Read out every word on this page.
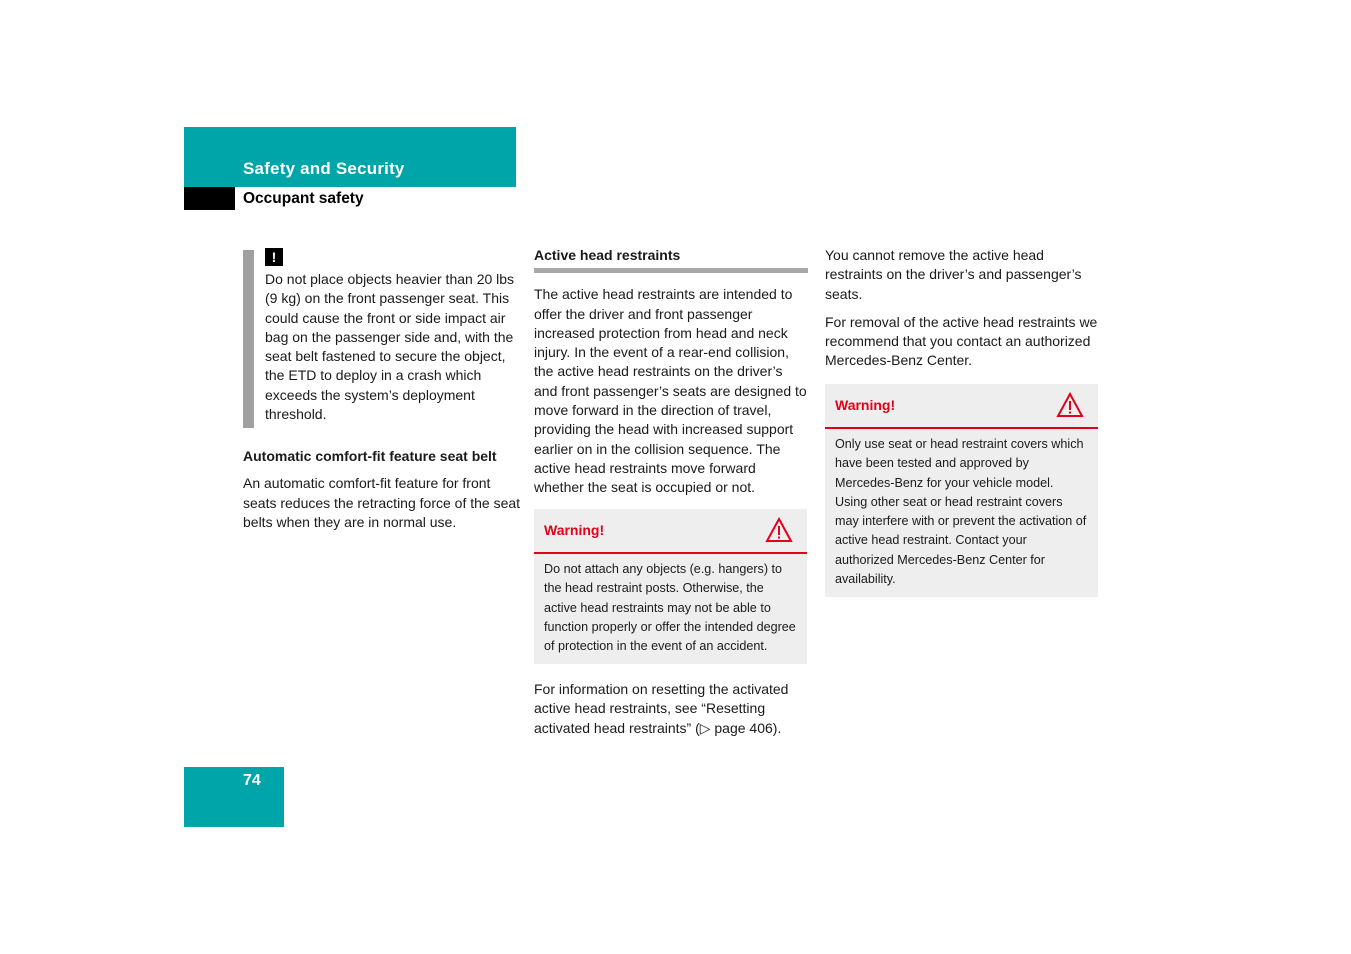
Safety and Security
Occupant safety
!
Do not place objects heavier than 20 lbs (9 kg) on the front passenger seat. This could cause the front or side impact air bag on the passenger side and, with the seat belt fastened to secure the object, the ETD to deploy in a crash which exceeds the system’s deployment threshold.
Automatic comfort-fit feature seat belt

An automatic comfort-fit feature for front seats reduces the retracting force of the seat belts when they are in normal use.

Active head restraints

The active head restraints are intended to offer the driver and front passenger increased protection from head and neck injury. In the event of a rear-end collision, the active head restraints on the driver’s and front passenger’s seats are designed to move forward in the direction of travel, providing the head with increased support earlier on in the collision sequence. The active head restraints move forward whether the seat is occupied or not.

Warning!
Do not attach any objects (e.g. hangers) to the head restraint posts. Otherwise, the active head restraints may not be able to function properly or offer the intended degree of protection in the event of an accident.

For information on resetting the activated active head restraints, see “Resetting activated head restraints” (▷ page 406).

You cannot remove the active head restraints on the driver’s and passenger’s seats.

For removal of the active head restraints we recommend that you contact an authorized Mercedes-Benz Center.

Warning!
Only use seat or head restraint covers which have been tested and approved by Mercedes-Benz for your vehicle model. Using other seat or head restraint covers may interfere with or prevent the activation of active head restraint. Contact your authorized Mercedes-Benz Center for availability.
74
